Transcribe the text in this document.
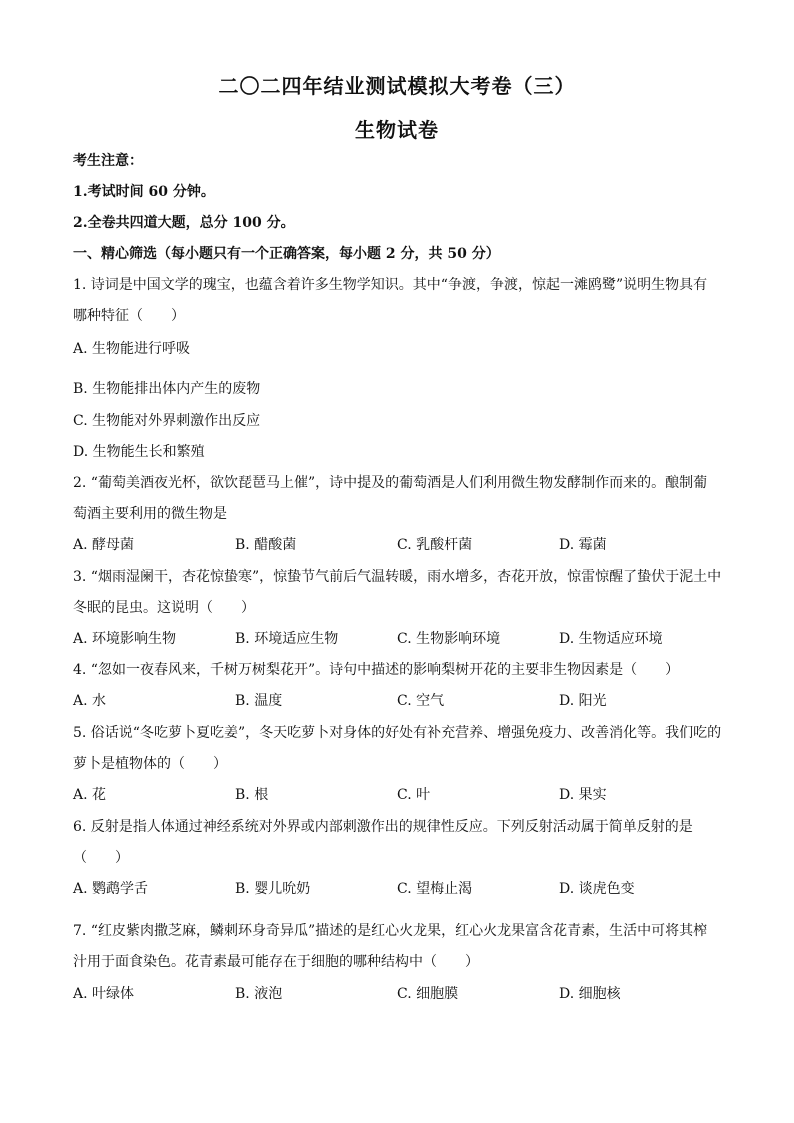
二〇二四年结业测试模拟大考卷（三）
生物试卷
考生注意：
1.考试时间 60 分钟。
2.全卷共四道大题，总分 100 分。
一、精心筛选（每小题只有一个正确答案，每小题 2 分，共 50 分）
1. 诗词是中国文学的瑰宝，也蕴含着许多生物学知识。其中“争渡，争渡，惊起一滩鸥鹭”说明生物具有
哪种特征（　　）
A. 生物能进行呼吸
B. 生物能排出体内产生的废物
C. 生物能对外界刺激作出反应
D. 生物能生长和繁殖
2. “葡萄美酒夜光杯，欲饮琵琶马上催”，诗中提及的葡萄酒是人们利用微生物发酵制作而来的。酿制葡
萄酒主要利用的微生物是
A. 酵母菌	B. 醋酸菌	C. 乳酸杆菌	D. 霉菌
3. “烟雨湿阑干，杏花惊蛰寒”，惊蛰节气前后气温转暖，雨水增多，杏花开放，惊雷惊醒了蛰伏于泥土中
冬眠的昆虫。这说明（　　）
A. 环境影响生物	B. 环境适应生物	C. 生物影响环境	D. 生物适应环境
4. “忽如一夜春风来，千树万树梨花开”。诗句中描述的影响梨树开花的主要非生物因素是（　　）
A. 水	B. 温度	C. 空气	D. 阳光
5. 俗话说“冬吃萝卜夏吃姜”，冬天吃萝卜对身体的好处有补充营养、增强免疫力、改善消化等。我们吃的
萝卜是植物体的（　　）
A. 花	B. 根	C. 叶	D. 果实
6. 反射是指人体通过神经系统对外界或内部刺激作出的规律性反应。下列反射活动属于简单反射的是
（　　）
A. 鹦鹉学舌	B. 婴儿吮奶	C. 望梅止渴	D. 谈虎色变
7. “红皮紫肉撒芝麻，鳞刺环身奇异瓜”描述的是红心火龙果，红心火龙果富含花青素，生活中可将其榨
汁用于面食染色。花青素最可能存在于细胞的哪种结构中（　　）
A. 叶绿体	B. 液泡	C. 细胞膜	D. 细胞核
